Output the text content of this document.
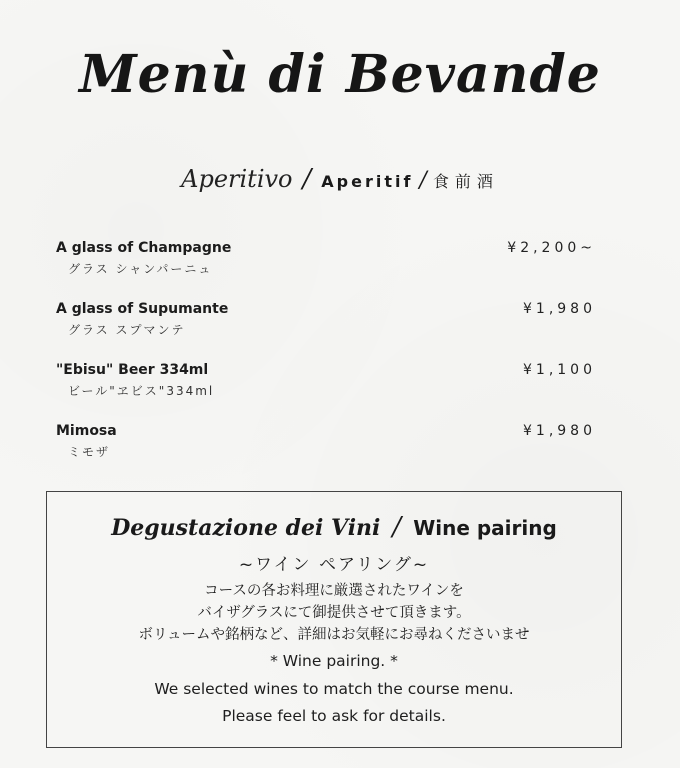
Menù di Bevande
Aperitivo / Aperitif / 食前酒
A glass of Champagne
グラス シャンパーニュ
¥2,200~
A glass of Supumante
グラス スプマンテ
¥1,980
"Ebisu" Beer 334ml
ビール"ヱビス"334ml
¥1,100
Mimosa
ミモザ
¥1,980
Degustazione dei Vini / Wine pairing
~ワイン ペアリング~
コースの各お料理に厳選されたワインを
バイザグラスにて御提供させて頂きます。
ボリュームや銘柄など、詳細はお気軽にお尋ねくださいませ
* Wine pairing. *
We selected wines to match the course menu.
Please feel to ask for details.
